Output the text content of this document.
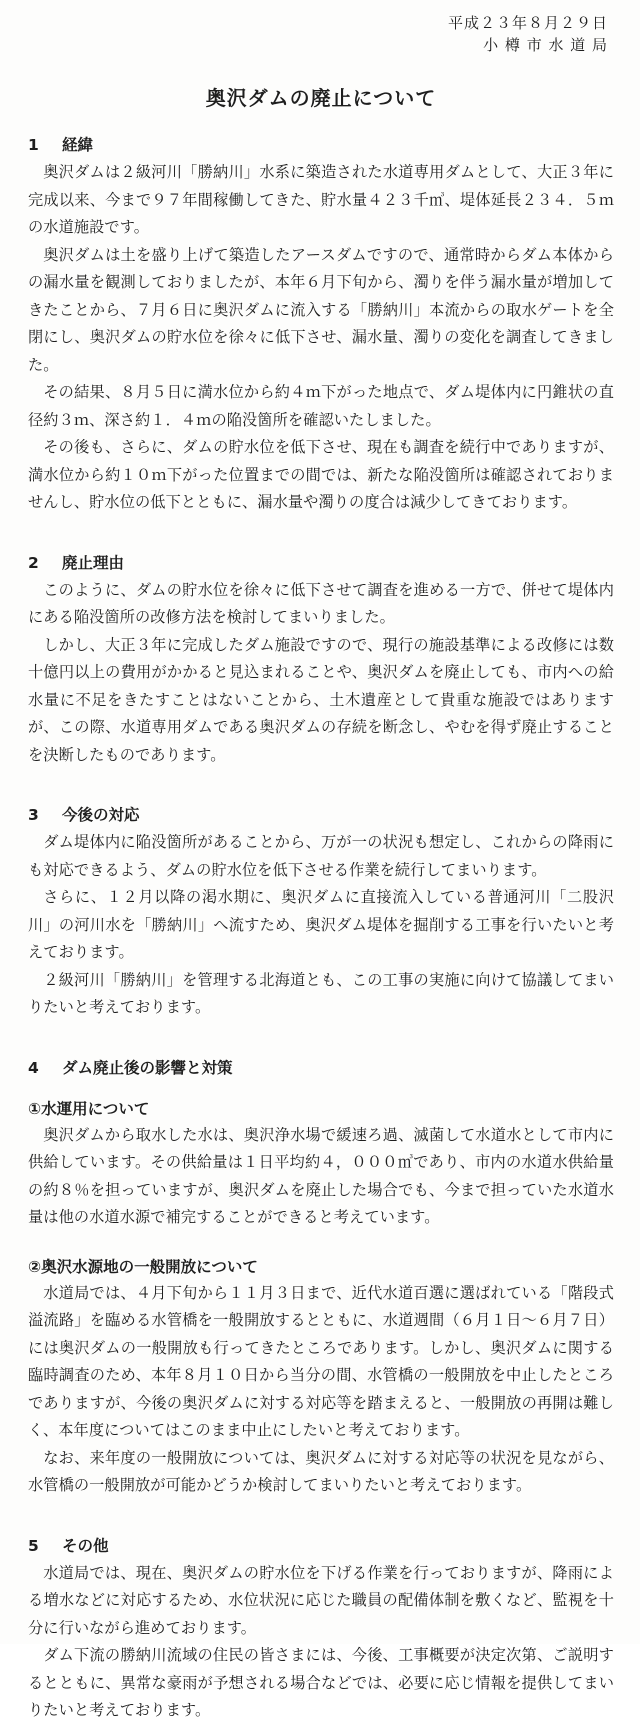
平成２３年８月２９日
小 樽 市 水 道 局
奥沢ダムの廃止について
1 経緯

奥沢ダムは２級河川「勝納川」水系に築造された水道専用ダムとして、大正３年に完成以来、今まで９７年間稼働してきた、貯水量４２３千㎥、堤体延長２３４．５ｍの水道施設です。

奥沢ダムは土を盛り上げて築造したアースダムですので、通常時からダム本体からの漏水量を観測しておりましたが、本年６月下旬から、濁りを伴う漏水量が増加してきたことから、７月６日に奥沢ダムに流入する「勝納川」本流からの取水ゲートを全閉にし、奥沢ダムの貯水位を徐々に低下させ、漏水量、濁りの変化を調査してきました。

その結果、８月５日に満水位から約４ｍ下がった地点で、ダム堤体内に円錐状の直径約３ｍ、深さ約１．４ｍの陥没箇所を確認いたしました。

その後も、さらに、ダムの貯水位を低下させ、現在も調査を続行中でありますが、満水位から約１０ｍ下がった位置までの間では、新たな陥没箇所は確認されておりませんし、貯水位の低下とともに、漏水量や濁りの度合は減少してきております。

2 廃止理由

このように、ダムの貯水位を徐々に低下させて調査を進める一方で、併せて堤体内にある陥没箇所の改修方法を検討してまいりました。

しかし、大正３年に完成したダム施設ですので、現行の施設基準による改修には数十億円以上の費用がかかると見込まれることや、奥沢ダムを廃止しても、市内への給水量に不足をきたすことはないことから、土木遺産として貴重な施設ではありますが、この際、水道専用ダムである奥沢ダムの存続を断念し、やむを得ず廃止することを決断したものであります。

3 今後の対応

ダム堤体内に陥没箇所があることから、万が一の状況も想定し、これからの降雨にも対応できるよう、ダムの貯水位を低下させる作業を続行してまいります。

さらに、１２月以降の渇水期に、奥沢ダムに直接流入している普通河川「二股沢川」の河川水を「勝納川」へ流すため、奥沢ダム堤体を掘削する工事を行いたいと考えております。

２級河川「勝納川」を管理する北海道とも、この工事の実施に向けて協議してまいりたいと考えております。

4 ダム廃止後の影響と対策
①水運用について

奥沢ダムから取水した水は、奥沢浄水場で緩速ろ過、滅菌して水道水として市内に供給しています。その供給量は１日平均約４，０００㎥であり、市内の水道水供給量の約８％を担っていますが、奥沢ダムを廃止した場合でも、今まで担っていた水道水量は他の水道水源で補完することができると考えています。

②奥沢水源地の一般開放について

水道局では、４月下旬から１１月３日まで、近代水道百選に選ばれている「階段式溢流路」を臨める水管橋を一般開放するとともに、水道週間（６月１日～６月７日）には奥沢ダムの一般開放も行ってきたところであります。しかし、奥沢ダムに関する臨時調査のため、本年８月１０日から当分の間、水管橋の一般開放を中止したところでありますが、今後の奥沢ダムに対する対応等を踏まえると、一般開放の再開は難しく、本年度についてはこのまま中止にしたいと考えております。

なお、来年度の一般開放については、奥沢ダムに対する対応等の状況を見ながら、水管橋の一般開放が可能かどうか検討してまいりたいと考えております。

5 その他

水道局では、現在、奥沢ダムの貯水位を下げる作業を行っておりますが、降雨による増水などに対応するため、水位状況に応じた職員の配備体制を敷くなど、監視を十分に行いながら進めております。

ダム下流の勝納川流域の住民の皆さまには、今後、工事概要が決定次第、ご説明するとともに、異常な豪雨が予想される場合などでは、必要に応じ情報を提供してまいりたいと考えております。
